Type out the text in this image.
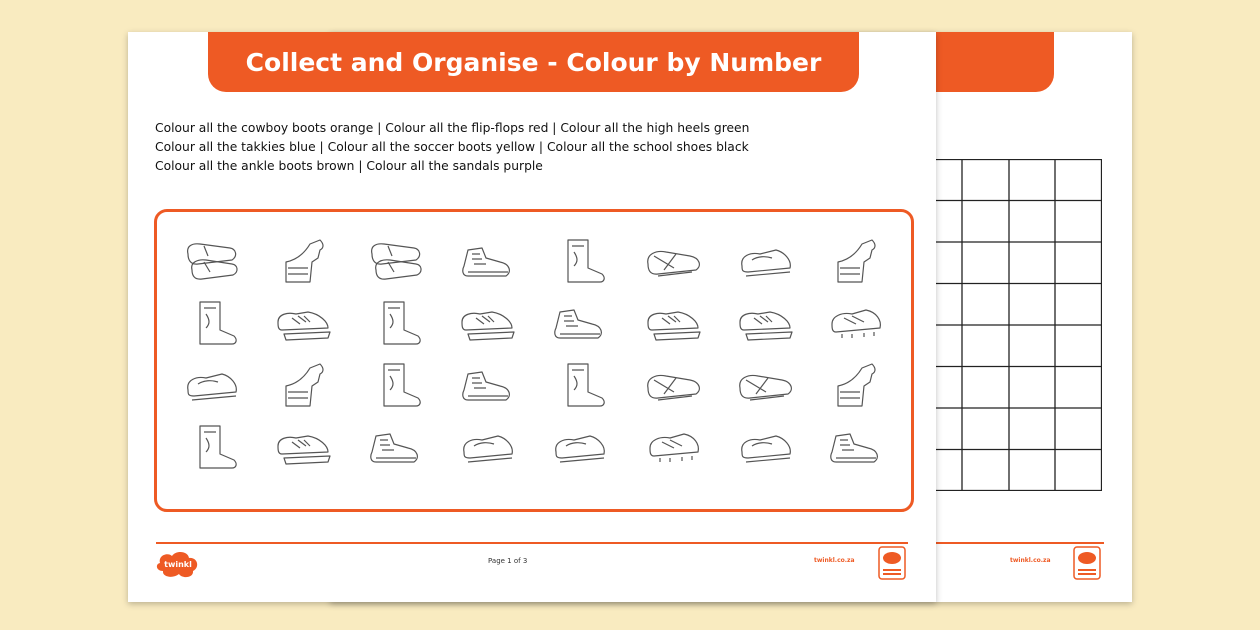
twinkl.co.za
Collect and Organise - Colour by Number
Colour all the cowboy boots orange | Colour all the flip-flops red | Colour all the high heels green
Colour all the takkies blue | Colour all the soccer boots yellow | Colour all the school shoes black
Colour all the ankle boots brown | Colour all the sandals purple
twinkl	Page 1 of 3	twinkl.co.za
